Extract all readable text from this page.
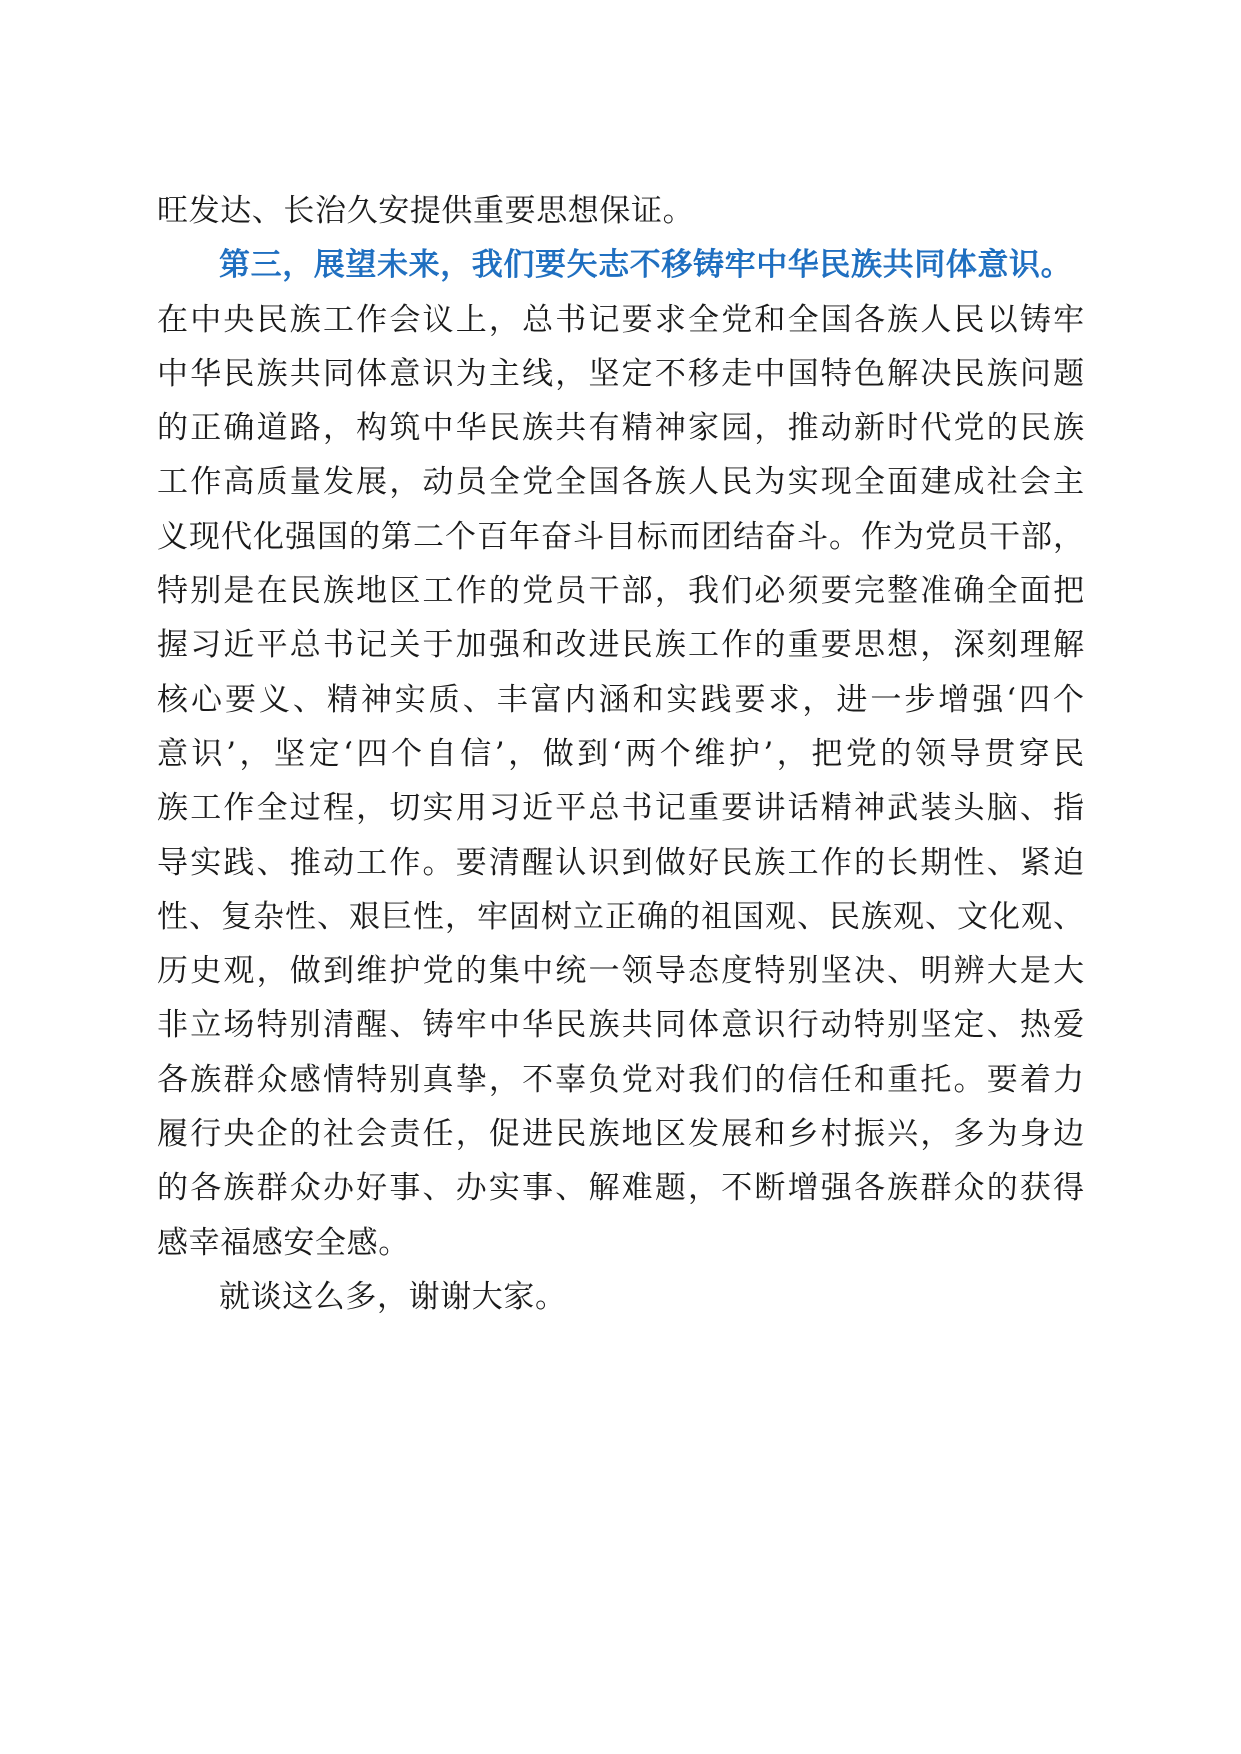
旺发达、长治久安提供重要思想保证。
第三，展望未来，我们要矢志不移铸牢中华民族共同体意识。
在 中 央 民 族 工 作 会 议 上 ， 总 书 记 要 求 全 党 和 全 国 各 族 人 民 以 铸 牢
中 华 民 族 共 同 体 意 识 为 主 线 ， 坚 定 不 移 走 中 国 特 色 解 决 民 族 问 题
的 正 确 道 路 ， 构 筑 中 华 民 族 共 有 精 神 家 园 ， 推 动 新 时 代 党 的 民 族
工 作 高 质 量 发 展 ， 动 员 全 党 全 国 各 族 人 民 为 实 现 全 面 建 成 社 会 主
义 现 代 化 强 国 的 第 二 个 百 年 奋 斗 目 标 而 团 结 奋 斗 。 作 为 党 员 干 部 ，
特 别 是 在 民 族 地 区 工 作 的 党 员 干 部 ， 我 们 必 须 要 完 整 准 确 全 面 把
握 习 近 平 总 书 记 关 于 加 强 和 改 进 民 族 工 作 的 重 要 思 想 ， 深 刻 理 解
核 心 要 义 、 精 神 实 质 、 丰 富 内 涵 和 实 践 要 求 ， 进 一 步 增 强 ‘ 四 个
意 识 ’ ， 坚 定 ‘ 四 个 自 信 ’ ， 做 到 ‘ 两 个 维 护 ’ ， 把 党 的 领 导 贯 穿 民
族 工 作 全 过 程 ， 切 实 用 习 近 平 总 书 记 重 要 讲 话 精 神 武 装 头 脑 、 指
导 实 践 、 推 动 工 作 。 要 清 醒 认 识 到 做 好 民 族 工 作 的 长 期 性 、 紧 迫
性 、 复 杂 性 、 艰 巨 性 ， 牢 固 树 立 正 确 的 祖 国 观 、 民 族 观 、 文 化 观 、
历 史 观 ， 做 到 维 护 党 的 集 中 统 一 领 导 态 度 特 别 坚 决 、 明 辨 大 是 大
非 立 场 特 别 清 醒 、 铸 牢 中 华 民 族 共 同 体 意 识 行 动 特 别 坚 定 、 热 爱
各 族 群 众 感 情 特 别 真 挚 ， 不 辜 负 党 对 我 们 的 信 任 和 重 托 。 要 着 力
履 行 央 企 的 社 会 责 任 ， 促 进 民 族 地 区 发 展 和 乡 村 振 兴 ， 多 为 身 边
的 各 族 群 众 办 好 事 、 办 实 事 、 解 难 题 ， 不 断 增 强 各 族 群 众 的 获 得
感幸福感安全感。
就谈这么多，谢谢大家。
